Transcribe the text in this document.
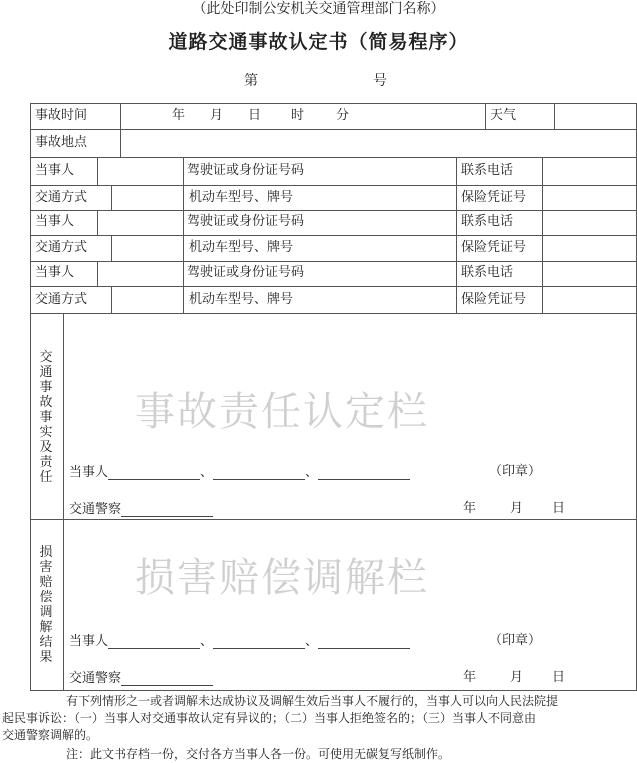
（此处印制公安机关交通管理部门名称）
道路交通事故认定书（简易程序）
第	号
事故时间	年 月 日 时 分	天气
事故地点
当事人	驾驶证或身份证号码	联系电话
交通方式	机动车型号、牌号	保险凭证号
当事人	驾驶证或身份证号码	联系电话
交通方式	机动车型号、牌号	保险凭证号
当事人	驾驶证或身份证号码	联系电话
交通方式	机动车型号、牌号	保险凭证号
交通事故事实及责任
事故责任认定栏
当事人	、	、	（印章）
交通警察	年	月 日
损害赔偿调解结果
损害赔偿调解栏
当事人	、	、	（印章）
交通警察	年	月 日
有下列情形之一或者调解未达成协议及调解生效后当事人不履行的，当事人可以向人民法院提
起民事诉讼：（一）当事人对交通事故认定有异议的；（二）当事人拒绝签名的；（三）当事人不同意由
交通警察调解的。
注：此文书存档一份，交付各方当事人各一份。可使用无碳复写纸制作。
